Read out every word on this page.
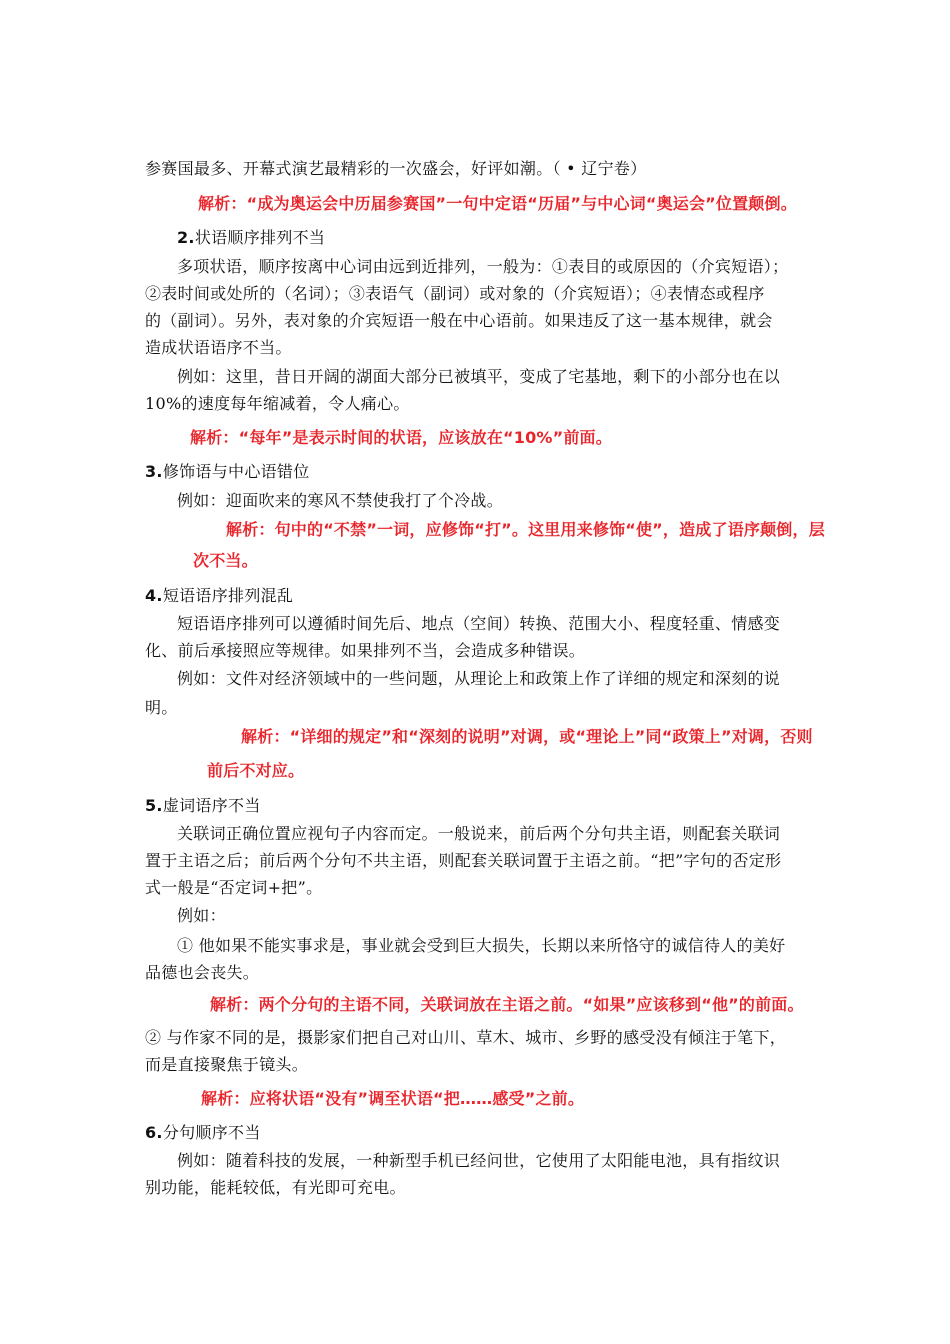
参赛国最多、开幕式演艺最精彩的一次盛会，好评如潮。（ • 辽宁卷）
解析：“成为奥运会中历届参赛国”一句中定语“历届”与中心词“奥运会”位置颠倒。
2.状语顺序排列不当
多项状语，顺序按离中心词由远到近排列，一般为：①表目的或原因的（介宾短语）；
②表时间或处所的（名词）；③表语气（副词）或对象的（介宾短语）；④表情态或程序
的（副词）。另外，表对象的介宾短语一般在中心语前。如果违反了这一基本规律，就会
造成状语语序不当。
例如：这里，昔日开阔的湖面大部分已被填平，变成了宅基地，剩下的小部分也在以
10%的速度每年缩减着，令人痛心。
解析：“每年”是表示时间的状语，应该放在“10%”前面。
3.修饰语与中心语错位
例如：迎面吹来的寒风不禁使我打了个冷战。
解析：句中的“不禁”一词，应修饰“打”。这里用来修饰“使”，造成了语序颠倒，层
次不当。
4.短语语序排列混乱
短语语序排列可以遵循时间先后、地点（空间）转换、范围大小、程度轻重、情感变
化、前后承接照应等规律。如果排列不当，会造成多种错误。
例如：文件对经济领域中的一些问题，从理论上和政策上作了详细的规定和深刻的说
明。
解析：“详细的规定”和“深刻的说明”对调，或“理论上”同“政策上”对调，否则
前后不对应。
5.虚词语序不当
关联词正确位置应视句子内容而定。一般说来，前后两个分句共主语，则配套关联词
置于主语之后；前后两个分句不共主语，则配套关联词置于主语之前。“把”字句的否定形
式一般是“否定词+把”。
例如：
① 他如果不能实事求是，事业就会受到巨大损失，长期以来所恪守的诚信待人的美好
品德也会丧失。
解析：两个分句的主语不同，关联词放在主语之前。“如果”应该移到“他”的前面。
② 与作家不同的是，摄影家们把自己对山川、草木、城市、乡野的感受没有倾注于笔下，
而是直接聚焦于镜头。
解析：应将状语“没有”调至状语“把……感受”之前。
6.分句顺序不当
例如：随着科技的发展，一种新型手机已经问世，它使用了太阳能电池，具有指纹识
别功能，能耗较低，有光即可充电。
